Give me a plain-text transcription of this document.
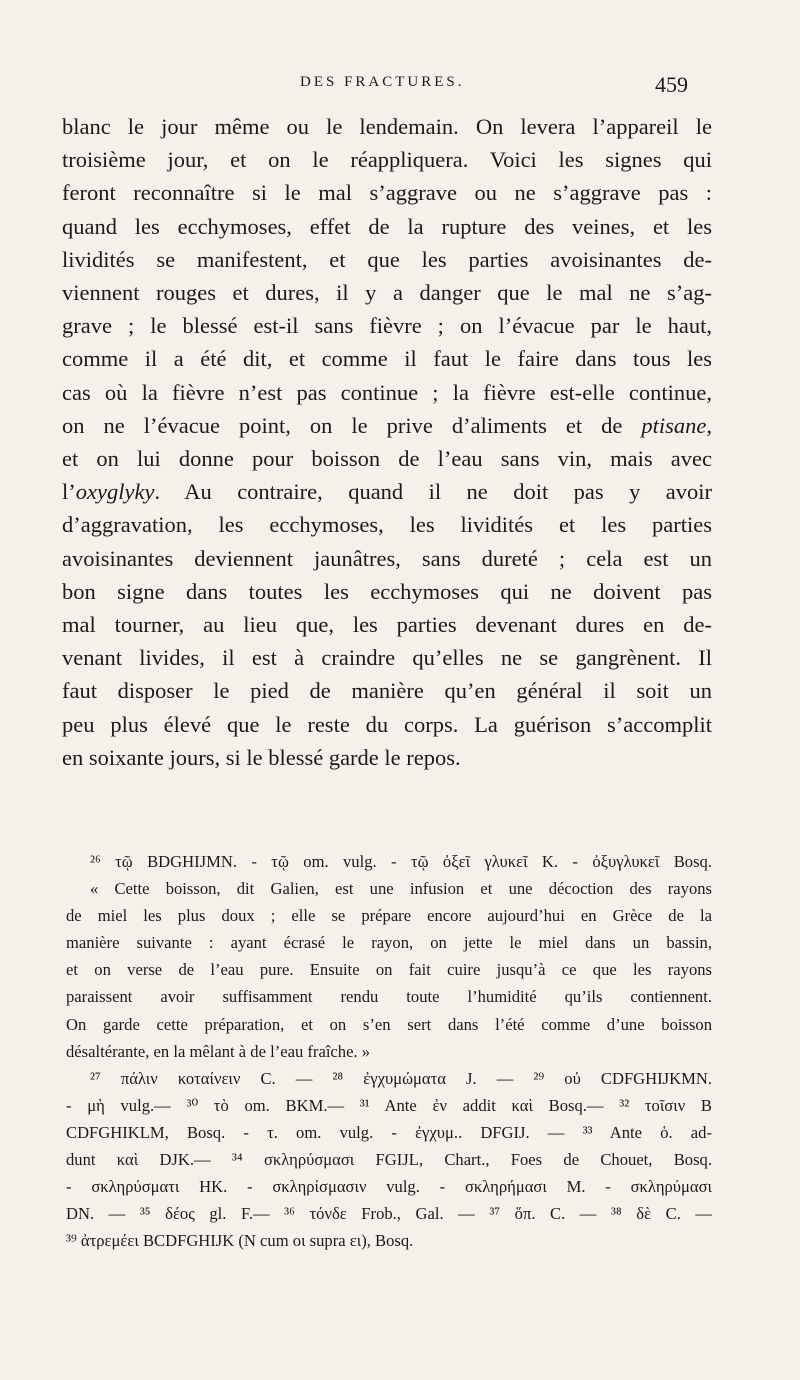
DES FRACTURES.	459
blanc le jour même ou le lendemain. On levera l’appareil le
troisième jour, et on le réappliquera. Voici les signes qui
feront reconnaître si le mal s’aggrave ou ne s’aggrave pas :
quand les ecchymoses, effet de la rupture des veines, et les
lividités se manifestent, et que les parties avoisinantes de-
viennent rouges et dures, il y a danger que le mal ne s’ag-
grave ; le blessé est-il sans fièvre ; on l’évacue par le haut,
comme il a été dit, et comme il faut le faire dans tous les
cas où la fièvre n’est pas continue ; la fièvre est-elle continue,
on ne l’évacue point, on le prive d’aliments et de ptisane,
et on lui donne pour boisson de l’eau sans vin, mais avec
l’oxyglyky. Au contraire, quand il ne doit pas y avoir
d’aggravation, les ecchymoses, les lividités et les parties
avoisinantes deviennent jaunâtres, sans dureté ; cela est un
bon signe dans toutes les ecchymoses qui ne doivent pas
mal tourner, au lieu que, les parties devenant dures en de-
venant livides, il est à craindre qu’elles ne se gangrènent. Il
faut disposer le pied de manière qu’en général il soit un
peu plus élevé que le reste du corps. La guérison s’accomplit
en soixante jours, si le blessé garde le repos.
²⁶ τῷ BDGHIJMN. - τῷ om. vulg. - τῷ ὀξεῖ γλυκεῖ K. - ὀξυγλυκεῖ Bosq.
« Cette boisson, dit Galien, est une infusion et une décoction des rayons
de miel les plus doux ; elle se prépare encore aujourd’hui en Grèce de la
manière suivante : ayant écrasé le rayon, on jette le miel dans un bassin,
et on verse de l’eau pure. Ensuite on fait cuire jusqu’à ce que les rayons
paraissent avoir suffisamment rendu toute l’humidité qu’ils contiennent.
On garde cette préparation, et on s’en sert dans l’été comme d’une boisson
désaltérante, en la mêlant à de l’eau fraîche. »
²⁷ πάλιν κοταίνειν C. — ²⁸ ἐγχυμώματα J. — ²⁹ οὐ CDFGHIJKMN.
- μὴ vulg.— ³⁰ τὸ om. BKM.— ³¹ Ante ἐν addit καὶ Bosq.— ³² τοῖσιν B
CDFGHIKLM, Bosq. - τ. om. vulg. - ἐγχυμ.. DFGIJ. — ³³ Ante ὁ. ad-
dunt καὶ DJK.— ³⁴ σκληρύσμασι FGIJL, Chart., Foes de Chouet, Bosq.
- σκληρύσματι HK. - σκληρίσμασιν vulg. - σκληρήμασι M. - σκληρύμασι
DN. — ³⁵ δέος gl. F.— ³⁶ τόνδε Frob., Gal. — ³⁷ ὅπ. C. — ³⁸ δὲ C. —
³⁹ ἀτρεμέει BCDFGHIJK (N cum οι supra ει), Bosq.
